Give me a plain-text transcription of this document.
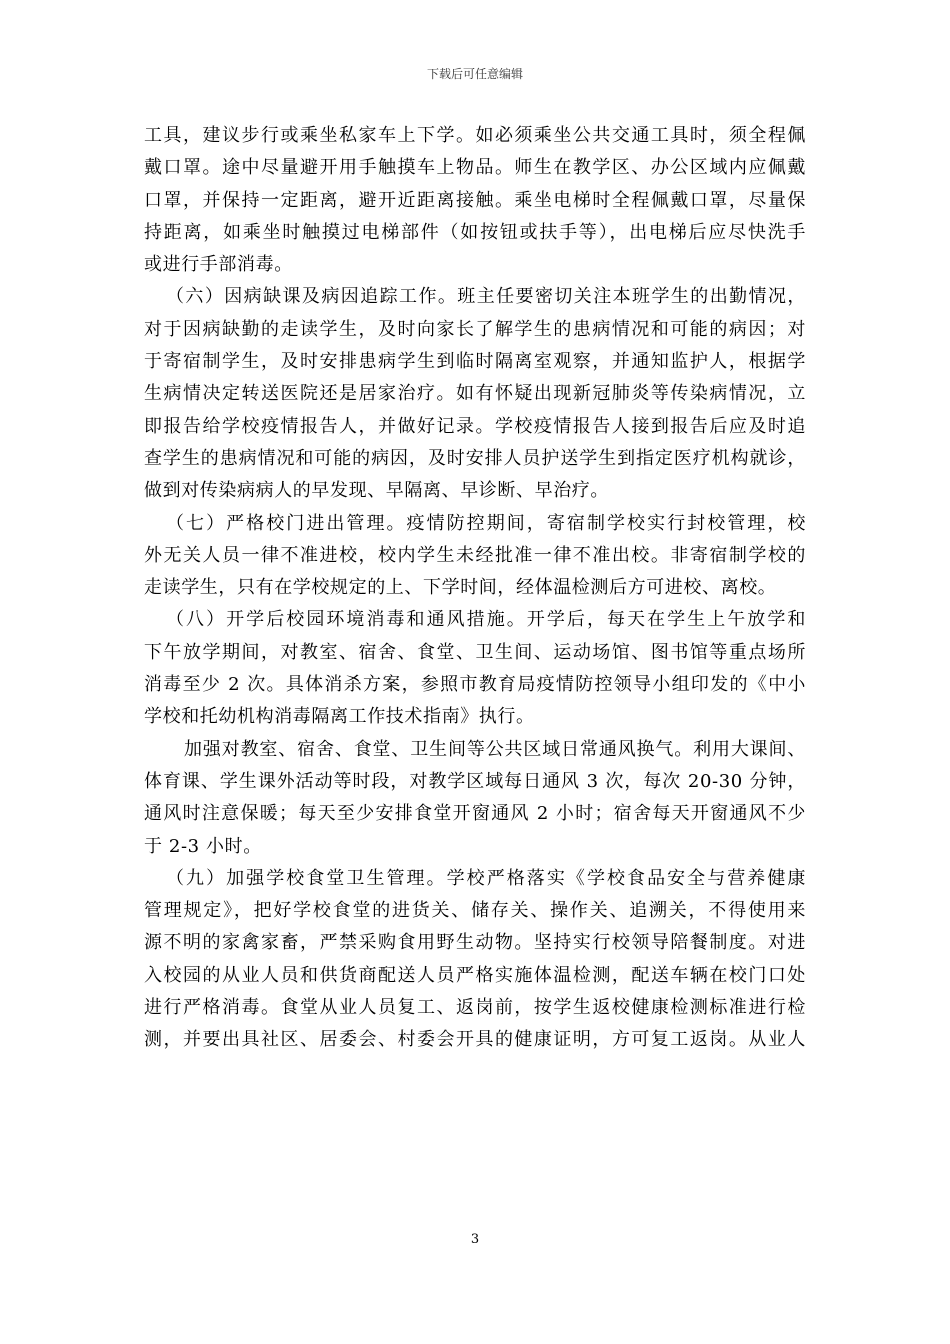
下载后可任意编辑
工具，建议步行或乘坐私家车上下学。如必须乘坐公共交通工具时，须全程佩
戴口罩。途中尽量避开用手触摸车上物品。师生在教学区、办公区域内应佩戴
口罩，并保持一定距离，避开近距离接触。乘坐电梯时全程佩戴口罩，尽量保
持距离，如乘坐时触摸过电梯部件（如按钮或扶手等），出电梯后应尽快洗手
或进行手部消毒。
（六）因病缺课及病因追踪工作。班主任要密切关注本班学生的出勤情况，
对于因病缺勤的走读学生，及时向家长了解学生的患病情况和可能的病因；对
于寄宿制学生，及时安排患病学生到临时隔离室观察，并通知监护人，根据学
生病情决定转送医院还是居家治疗。如有怀疑出现新冠肺炎等传染病情况，立
即报告给学校疫情报告人，并做好记录。学校疫情报告人接到报告后应及时追
查学生的患病情况和可能的病因，及时安排人员护送学生到指定医疗机构就诊，
做到对传染病病人的早发现、早隔离、早诊断、早治疗。
（七）严格校门进出管理。疫情防控期间，寄宿制学校实行封校管理，校
外无关人员一律不准进校，校内学生未经批准一律不准出校。非寄宿制学校的
走读学生，只有在学校规定的上、下学时间，经体温检测后方可进校、离校。
（八）开学后校园环境消毒和通风措施。开学后，每天在学生上午放学和
下午放学期间，对教室、宿舍、食堂、卫生间、运动场馆、图书馆等重点场所
消毒至少 2 次。具体消杀方案，参照市教育局疫情防控领导小组印发的《中小
学校和托幼机构消毒隔离工作技术指南》执行。
加强对教室、宿舍、食堂、卫生间等公共区域日常通风换气。利用大课间、
体育课、学生课外活动等时段，对教学区域每日通风 3 次，每次 20-30 分钟，
通风时注意保暖；每天至少安排食堂开窗通风 2 小时；宿舍每天开窗通风不少
于 2-3 小时。
（九）加强学校食堂卫生管理。学校严格落实《学校食品安全与营养健康
管理规定》，把好学校食堂的进货关、储存关、操作关、追溯关，不得使用来
源不明的家禽家畜，严禁采购食用野生动物。坚持实行校领导陪餐制度。对进
入校园的从业人员和供货商配送人员严格实施体温检测，配送车辆在校门口处
进行严格消毒。食堂从业人员复工、返岗前，按学生返校健康检测标准进行检
测，并要出具社区、居委会、村委会开具的健康证明，方可复工返岗。从业人
3
